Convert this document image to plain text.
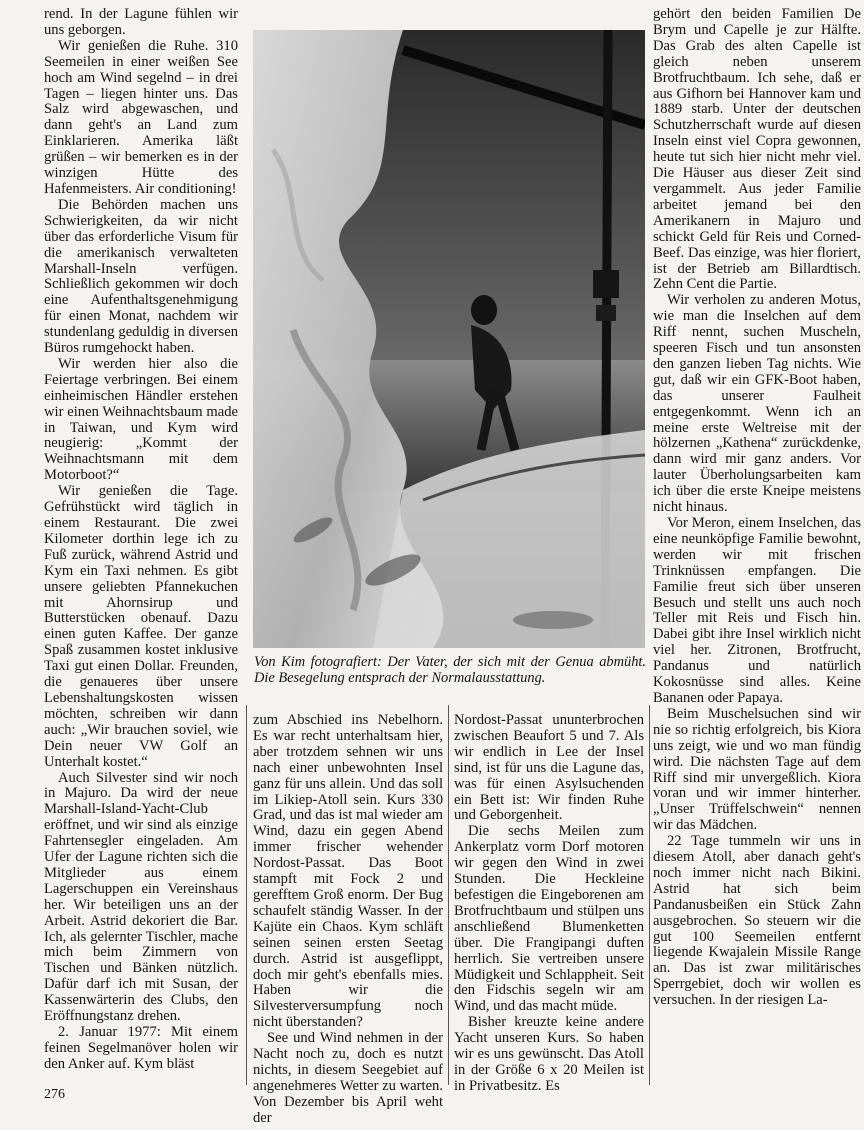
rend. In der Lagune fühlen wir uns geborgen.

Wir genießen die Ruhe. 310 Seemeilen in einer weißen See hoch am Wind segelnd – in drei Tagen – liegen hinter uns. Das Salz wird abgewaschen, und dann geht's an Land zum Einklarieren. Amerika läßt grüßen – wir bemerken es in der winzigen Hütte des Hafenmeisters. Air conditioning!

Die Behörden machen uns Schwierigkeiten, da wir nicht über das erforderliche Visum für die amerikanisch verwalteten Marshall-Inseln verfügen. Schließlich gekommen wir doch eine Aufenthaltsgenehmigung für einen Monat, nachdem wir stundenlang geduldig in diversen Büros rumgehockt haben.

Wir werden hier also die Feiertage verbringen. Bei einem einheimischen Händler erstehen wir einen Weihnachtsbaum made in Taiwan, und Kym wird neugierig: „Kommt der Weihnachtsmann mit dem Motorboot?“

Wir genießen die Tage. Gefrühstückt wird täglich in einem Restaurant. Die zwei Kilometer dorthin lege ich zu Fuß zurück, während Astrid und Kym ein Taxi nehmen. Es gibt unsere geliebten Pfannekuchen mit Ahornsirup und Butterstücken obenauf. Dazu einen guten Kaffee. Der ganze Spaß zusammen kostet inklusive Taxi gut einen Dollar. Freunden, die genaueres über unsere Lebenshaltungskosten wissen möchten, schreiben wir dann auch: „Wir brauchen soviel, wie Dein neuer VW Golf an Unterhalt kostet.“

Auch Silvester sind wir noch in Majuro. Da wird der neue Marshall-Island-Yacht-Club eröffnet, und wir sind als einzige Fahrtensegler eingeladen. Am Ufer der Lagune richten sich die Mitglieder aus einem Lagerschuppen ein Vereinshaus her. Wir beteiligen uns an der Arbeit. Astrid dekoriert die Bar. Ich, als gelernter Tischler, mache mich beim Zimmern von Tischen und Bänken nützlich. Dafür darf ich mit Susan, der Kassenwärterin des Clubs, den Eröffnungstanz drehen.

2. Januar 1977: Mit einem feinen Segelmanöver holen wir den Anker auf. Kym bläst

Von Kim fotografiert: Der Vater, der sich mit der Genua abmüht. Die Besegelung entsprach der Normalausstattung.

zum Abschied ins Nebelhorn. Es war recht unterhaltsam hier, aber trotzdem sehnen wir uns nach einer unbewohnten Insel ganz für uns allein. Und das soll im Likiep-Atoll sein. Kurs 330 Grad, und das ist mal wieder am Wind, dazu ein gegen Abend immer frischer wehender Nordost-Passat. Das Boot stampft mit Fock 2 und gerefftem Groß enorm. Der Bug schaufelt ständig Wasser. In der Kajüte ein Chaos. Kym schläft seinen seinen ersten Seetag durch. Astrid ist ausgeflippt, doch mir geht's ebenfalls mies. Haben wir die Silvesterversumpfung noch nicht überstanden?

See und Wind nehmen in der Nacht noch zu, doch es nutzt nichts, in diesem Seegebiet auf angenehmeres Wetter zu warten. Von Dezember bis April weht der

Nordost-Passat ununterbrochen zwischen Beaufort 5 und 7. Als wir endlich in Lee der Insel sind, ist für uns die Lagune das, was für einen Asylsuchenden ein Bett ist: Wir finden Ruhe und Geborgenheit.

Die sechs Meilen zum Ankerplatz vorm Dorf motoren wir gegen den Wind in zwei Stunden. Die Heckleine befestigen die Eingeborenen am Brotfruchtbaum und stülpen uns anschließend Blumenketten über. Die Frangipangi duften herrlich. Sie vertreiben unsere Müdigkeit und Schlappheit. Seit den Fidschis segeln wir am Wind, und das macht müde.

Bisher kreuzte keine andere Yacht unseren Kurs. So haben wir es uns gewünscht. Das Atoll in der Größe 6 x 20 Meilen ist in Privatbesitz. Es

gehört den beiden Familien De Brym und Capelle je zur Hälfte. Das Grab des alten Capelle ist gleich neben unserem Brotfruchtbaum. Ich sehe, daß er aus Gifhorn bei Hannover kam und 1889 starb. Unter der deutschen Schutzherrschaft wurde auf diesen Inseln einst viel Copra gewonnen, heute tut sich hier nicht mehr viel. Die Häuser aus dieser Zeit sind vergammelt. Aus jeder Familie arbeitet jemand bei den Amerikanern in Majuro und schickt Geld für Reis und Corned-Beef. Das einzige, was hier floriert, ist der Betrieb am Billardtisch. Zehn Cent die Partie.

Wir verholen zu anderen Motus, wie man die Inselchen auf dem Riff nennt, suchen Muscheln, speeren Fisch und tun ansonsten den ganzen lieben Tag nichts. Wie gut, daß wir ein GFK-Boot haben, das unserer Faulheit entgegenkommt. Wenn ich an meine erste Weltreise mit der hölzernen „Kathena“ zurückdenke, dann wird mir ganz anders. Vor lauter Überholungsarbeiten kam ich über die erste Kneipe meistens nicht hinaus.

Vor Meron, einem Inselchen, das eine neunköpfige Familie bewohnt, werden wir mit frischen Trinknüssen empfangen. Die Familie freut sich über unseren Besuch und stellt uns auch noch Teller mit Reis und Fisch hin. Dabei gibt ihre Insel wirklich nicht viel her. Zitronen, Brotfrucht, Pandanus und natürlich Kokosnüsse sind alles. Keine Bananen oder Papaya.

Beim Muschelsuchen sind wir nie so richtig erfolgreich, bis Kiora uns zeigt, wie und wo man fündig wird. Die nächsten Tage auf dem Riff sind mir unvergeßlich. Kiora voran und wir immer hinterher. „Unser Trüffelschwein“ nennen wir das Mädchen.

22 Tage tummeln wir uns in diesem Atoll, aber danach geht's noch immer nicht nach Bikini. Astrid hat sich beim Pandanusbeißen ein Stück Zahn ausgebrochen. So steuern wir die gut 100 Seemeilen entfernt liegende Kwajalein Missile Range an. Das ist zwar militärisches Sperrgebiet, doch wir wollen es versuchen. In der riesigen La-

276
